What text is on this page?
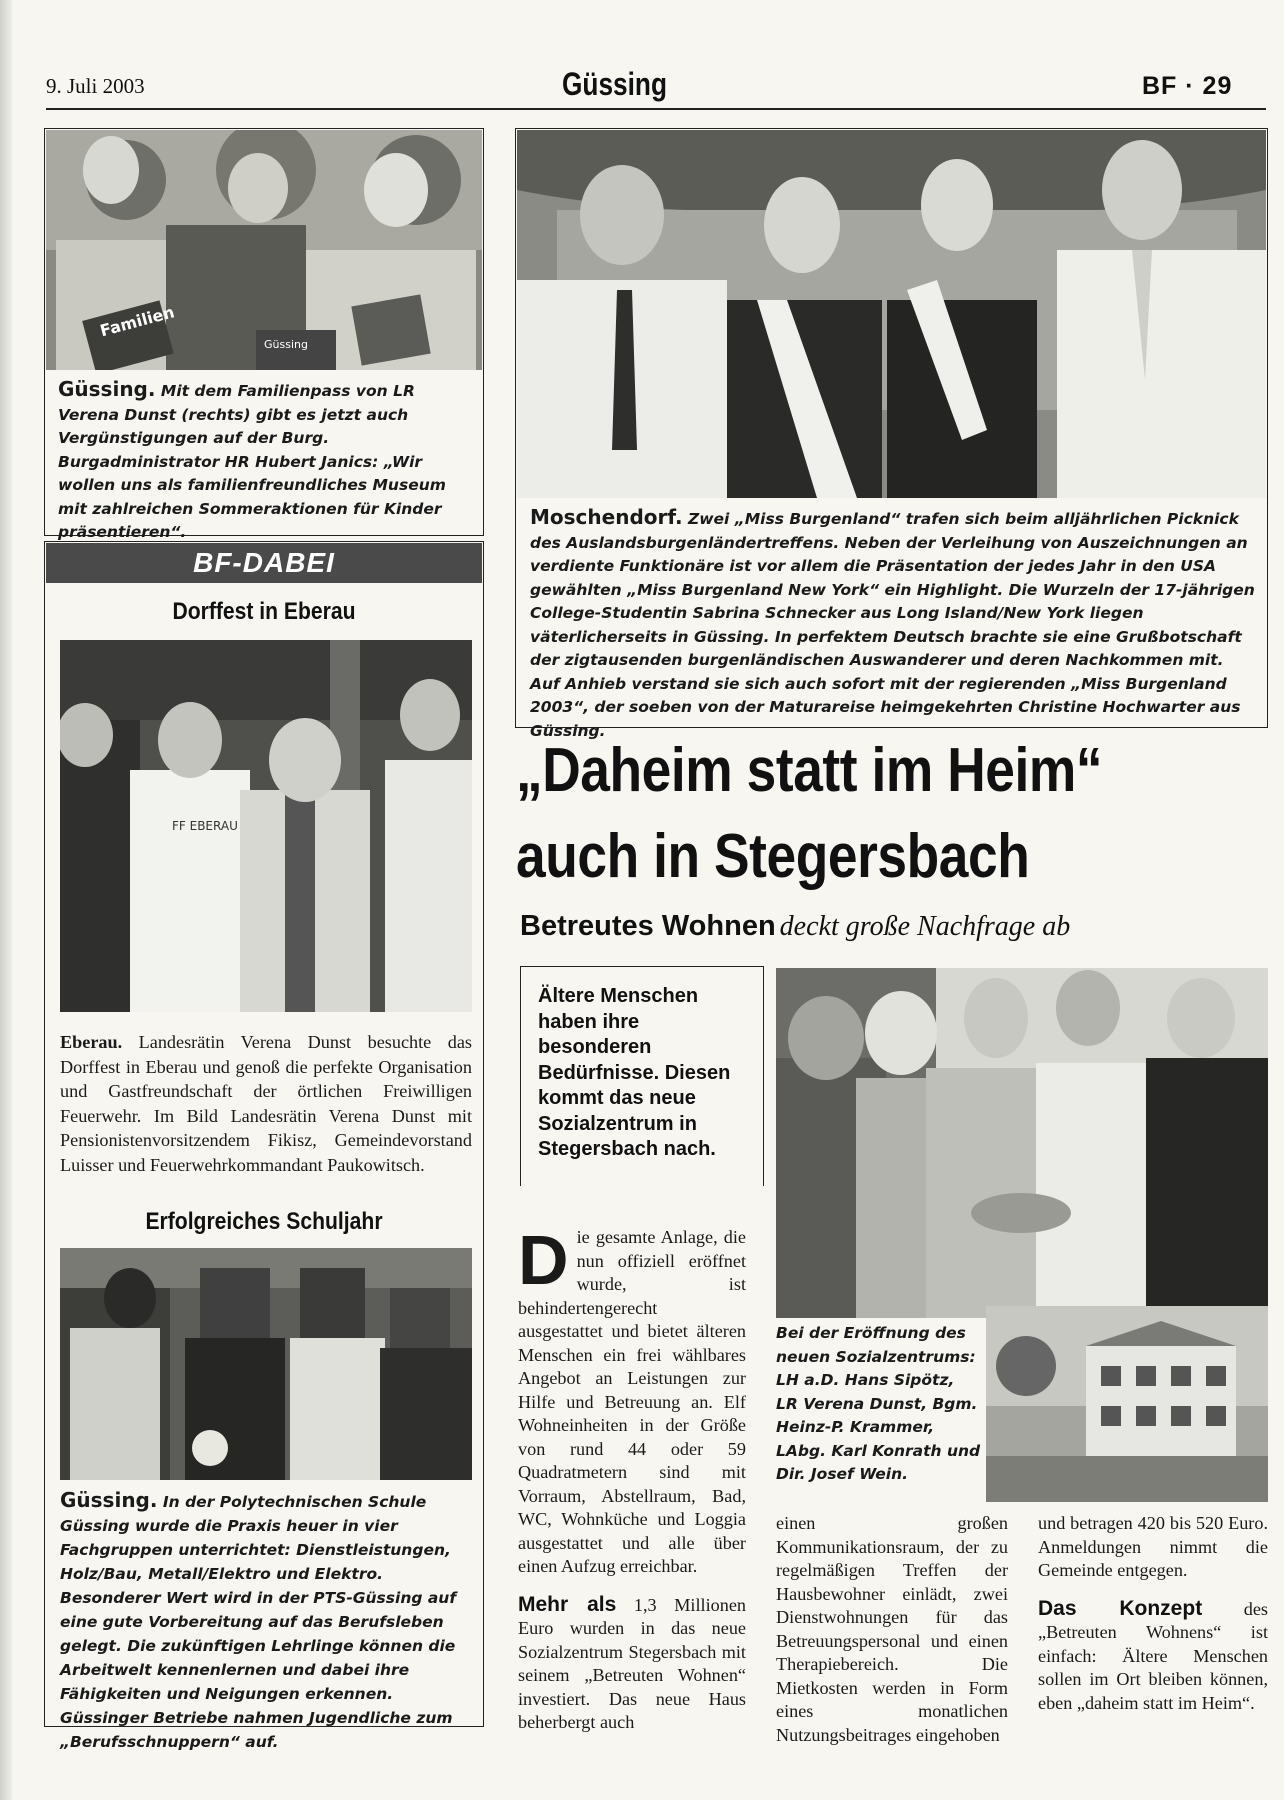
9. Juli 2003	Güssing	BF · 29
Familien
Güssing
Güssing. Mit dem Familienpass von LR Verena Dunst (rechts) gibt es jetzt auch Vergünstigungen auf der Burg. Burgadministrator HR Hubert Janics: „Wir wollen uns als familienfreundliches Museum mit zahlreichen Sommeraktionen für Kinder präsentieren“.
Moschendorf. Zwei „Miss Burgenland“ trafen sich beim alljährlichen Picknick des Auslandsburgenländertreffens. Neben der Verleihung von Auszeichnungen an verdiente Funktionäre ist vor allem die Präsentation der jedes Jahr in den USA gewählten „Miss Burgenland New York“ ein Highlight. Die Wurzeln der 17-jährigen College-Studentin Sabrina Schnecker aus Long Island/New York liegen väterlicherseits in Güssing. In perfektem Deutsch brachte sie eine Grußbotschaft der zigtausenden burgenländischen Auswanderer und deren Nachkommen mit. Auf Anhieb verstand sie sich auch sofort mit der regierenden „Miss Burgenland 2003“, der soeben von der Maturareise heimgekehrten Christine Hochwarter aus Güssing.
BF-DABEI
Dorffest in Eberau
FF EBERAU
Eberau. Landesrätin Verena Dunst besuchte das Dorffest in Eberau und genoß die perfekte Organisation und Gastfreundschaft der örtlichen Freiwilligen Feuerwehr. Im Bild Landesrätin Verena Dunst mit Pensionistenvorsitzendem Fikisz, Gemeindevorstand Luisser und Feuerwehrkommandant Paukowitsch.
Erfolgreiches Schuljahr
Güssing. In der Polytechnischen Schule Güssing wurde die Praxis heuer in vier Fachgruppen unterrichtet: Dienstleistungen, Holz/Bau, Metall/Elektro und Elektro. Besonderer Wert wird in der PTS-Güssing auf eine gute Vorbereitung auf das Berufsleben gelegt. Die zukünftigen Lehrlinge können die Arbeitwelt kennenlernen und dabei ihre Fähigkeiten und Neigungen erkennen. Güssinger Betriebe nahmen Jugendliche zum „Berufsschnuppern“ auf.
„Daheim statt im Heim“
auch in Stegersbach
Betreutes Wohnen deckt große Nachfrage ab
Ältere Menschen haben ihre besonderen Bedürfnisse. Diesen kommt das neue Sozialzentrum in Stegersbach nach.
Bei der Eröffnung des neuen Sozialzentrums: LH a.D. Hans Sipötz, LR Verena Dunst, Bgm. Heinz-P. Krammer, LAbg. Karl Konrath und Dir. Josef Wein.
Die gesamte Anlage, die nun offiziell eröffnet wurde, ist behindertengerecht ausgestattet und bietet älteren Menschen ein frei wählbares Angebot an Leistungen zur Hilfe und Betreuung an. Elf Wohneinheiten in der Größe von rund 44 oder 59 Quadratmetern sind mit Vorraum, Abstellraum, Bad, WC, Wohnküche und Loggia ausgestattet und alle über einen Aufzug erreichbar.
Mehr als 1,3 Millionen Euro wurden in das neue Sozialzentrum Stegersbach mit seinem „Betreuten Wohnen“ investiert. Das neue Haus beherbergt auch
einen großen Kommunikationsraum, der zu regelmäßigen Treffen der Hausbewohner einlädt, zwei Dienstwohnungen für das Betreuungspersonal und einen Therapiebereich. Die Mietkosten werden in Form eines monatlichen Nutzungsbeitrages eingehoben
und betragen 420 bis 520 Euro. Anmeldungen nimmt die Gemeinde entgegen.
Das Konzept des „Betreuten Wohnens“ ist einfach: Ältere Menschen sollen im Ort bleiben können, eben „daheim statt im Heim“.
